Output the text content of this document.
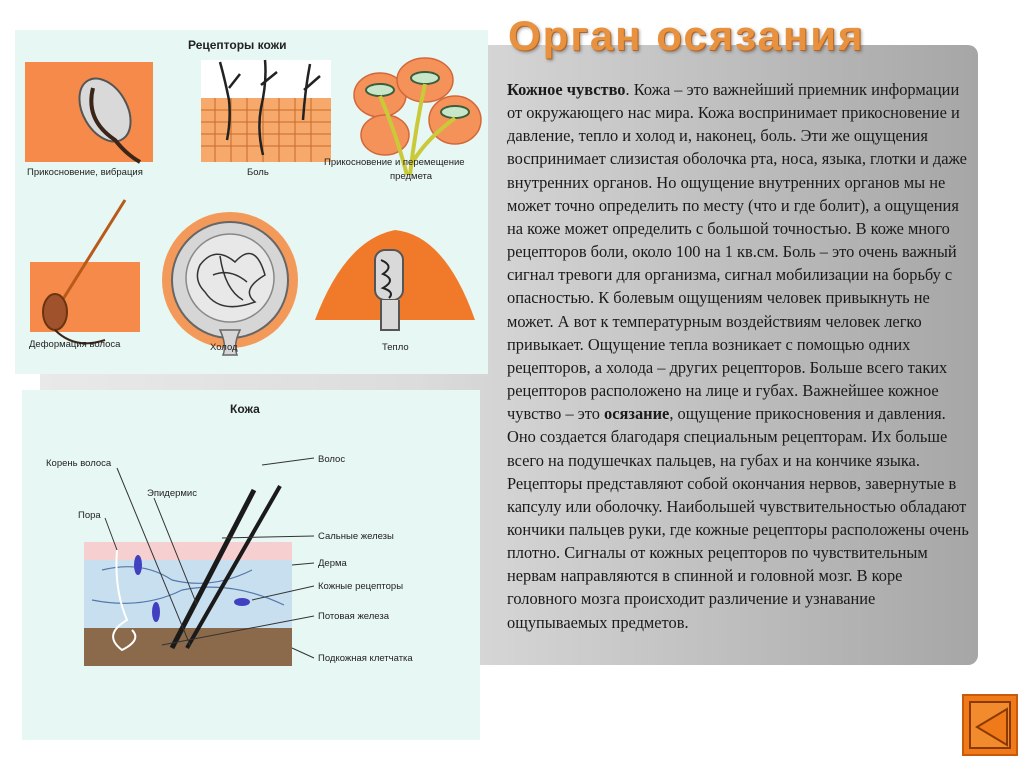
Орган осязания
Кожное чувство. Кожа – это важнейший приемник информации от окружающего нас мира. Кожа воспринимает прикосновение и давление, тепло и холод и, наконец, боль. Эти же ощущения воспринимает слизистая оболочка рта, носа, языка, глотки и даже внутренних органов. Но ощущение внутренних органов мы не может точно определить по месту (что и где болит), а ощущения на коже может определить с большой точностью. В коже много рецепторов боли, около 100 на 1 кв.см. Боль – это очень важный сигнал тревоги для организма, сигнал мобилизации на борьбу с опасностью. К болевым ощущениям человек привыкнуть не может. А вот к температурным воздействиям человек легко привыкает. Ощущение тепла возникает с помощью одних рецепторов, а холода – других рецепторов. Больше всего таких рецепторов расположено на лице и губах. Важнейшее кожное чувство – это осязание, ощущение прикосновения и давления. Оно создается благодаря специальным рецепторам. Их больше всего на подушечках пальцев, на губах и на кончике языка. Рецепторы представляют собой окончания нервов, завернутые в капсулу или оболочку. Наибольшей чувствительностью обладают кончики пальцев руки, где кожные рецепторы расположены очень плотно. Сигналы от кожных рецепторов по чувствительным нервам направляются в спинной и головной мозг. В коре головного мозга происходит различение и узнавание ощупываемых предметов.
Рецепторы кожи
Прикосновение, вибрация	Боль
Прикосновение и перемещение
предмета
Деформация волоса	Холод	Тепло
Кожа
Корень волоса
Эпидермис
Пора
Волос
Сальные железы
Дерма
Кожные рецепторы
Потовая железа
Подкожная клетчатка
